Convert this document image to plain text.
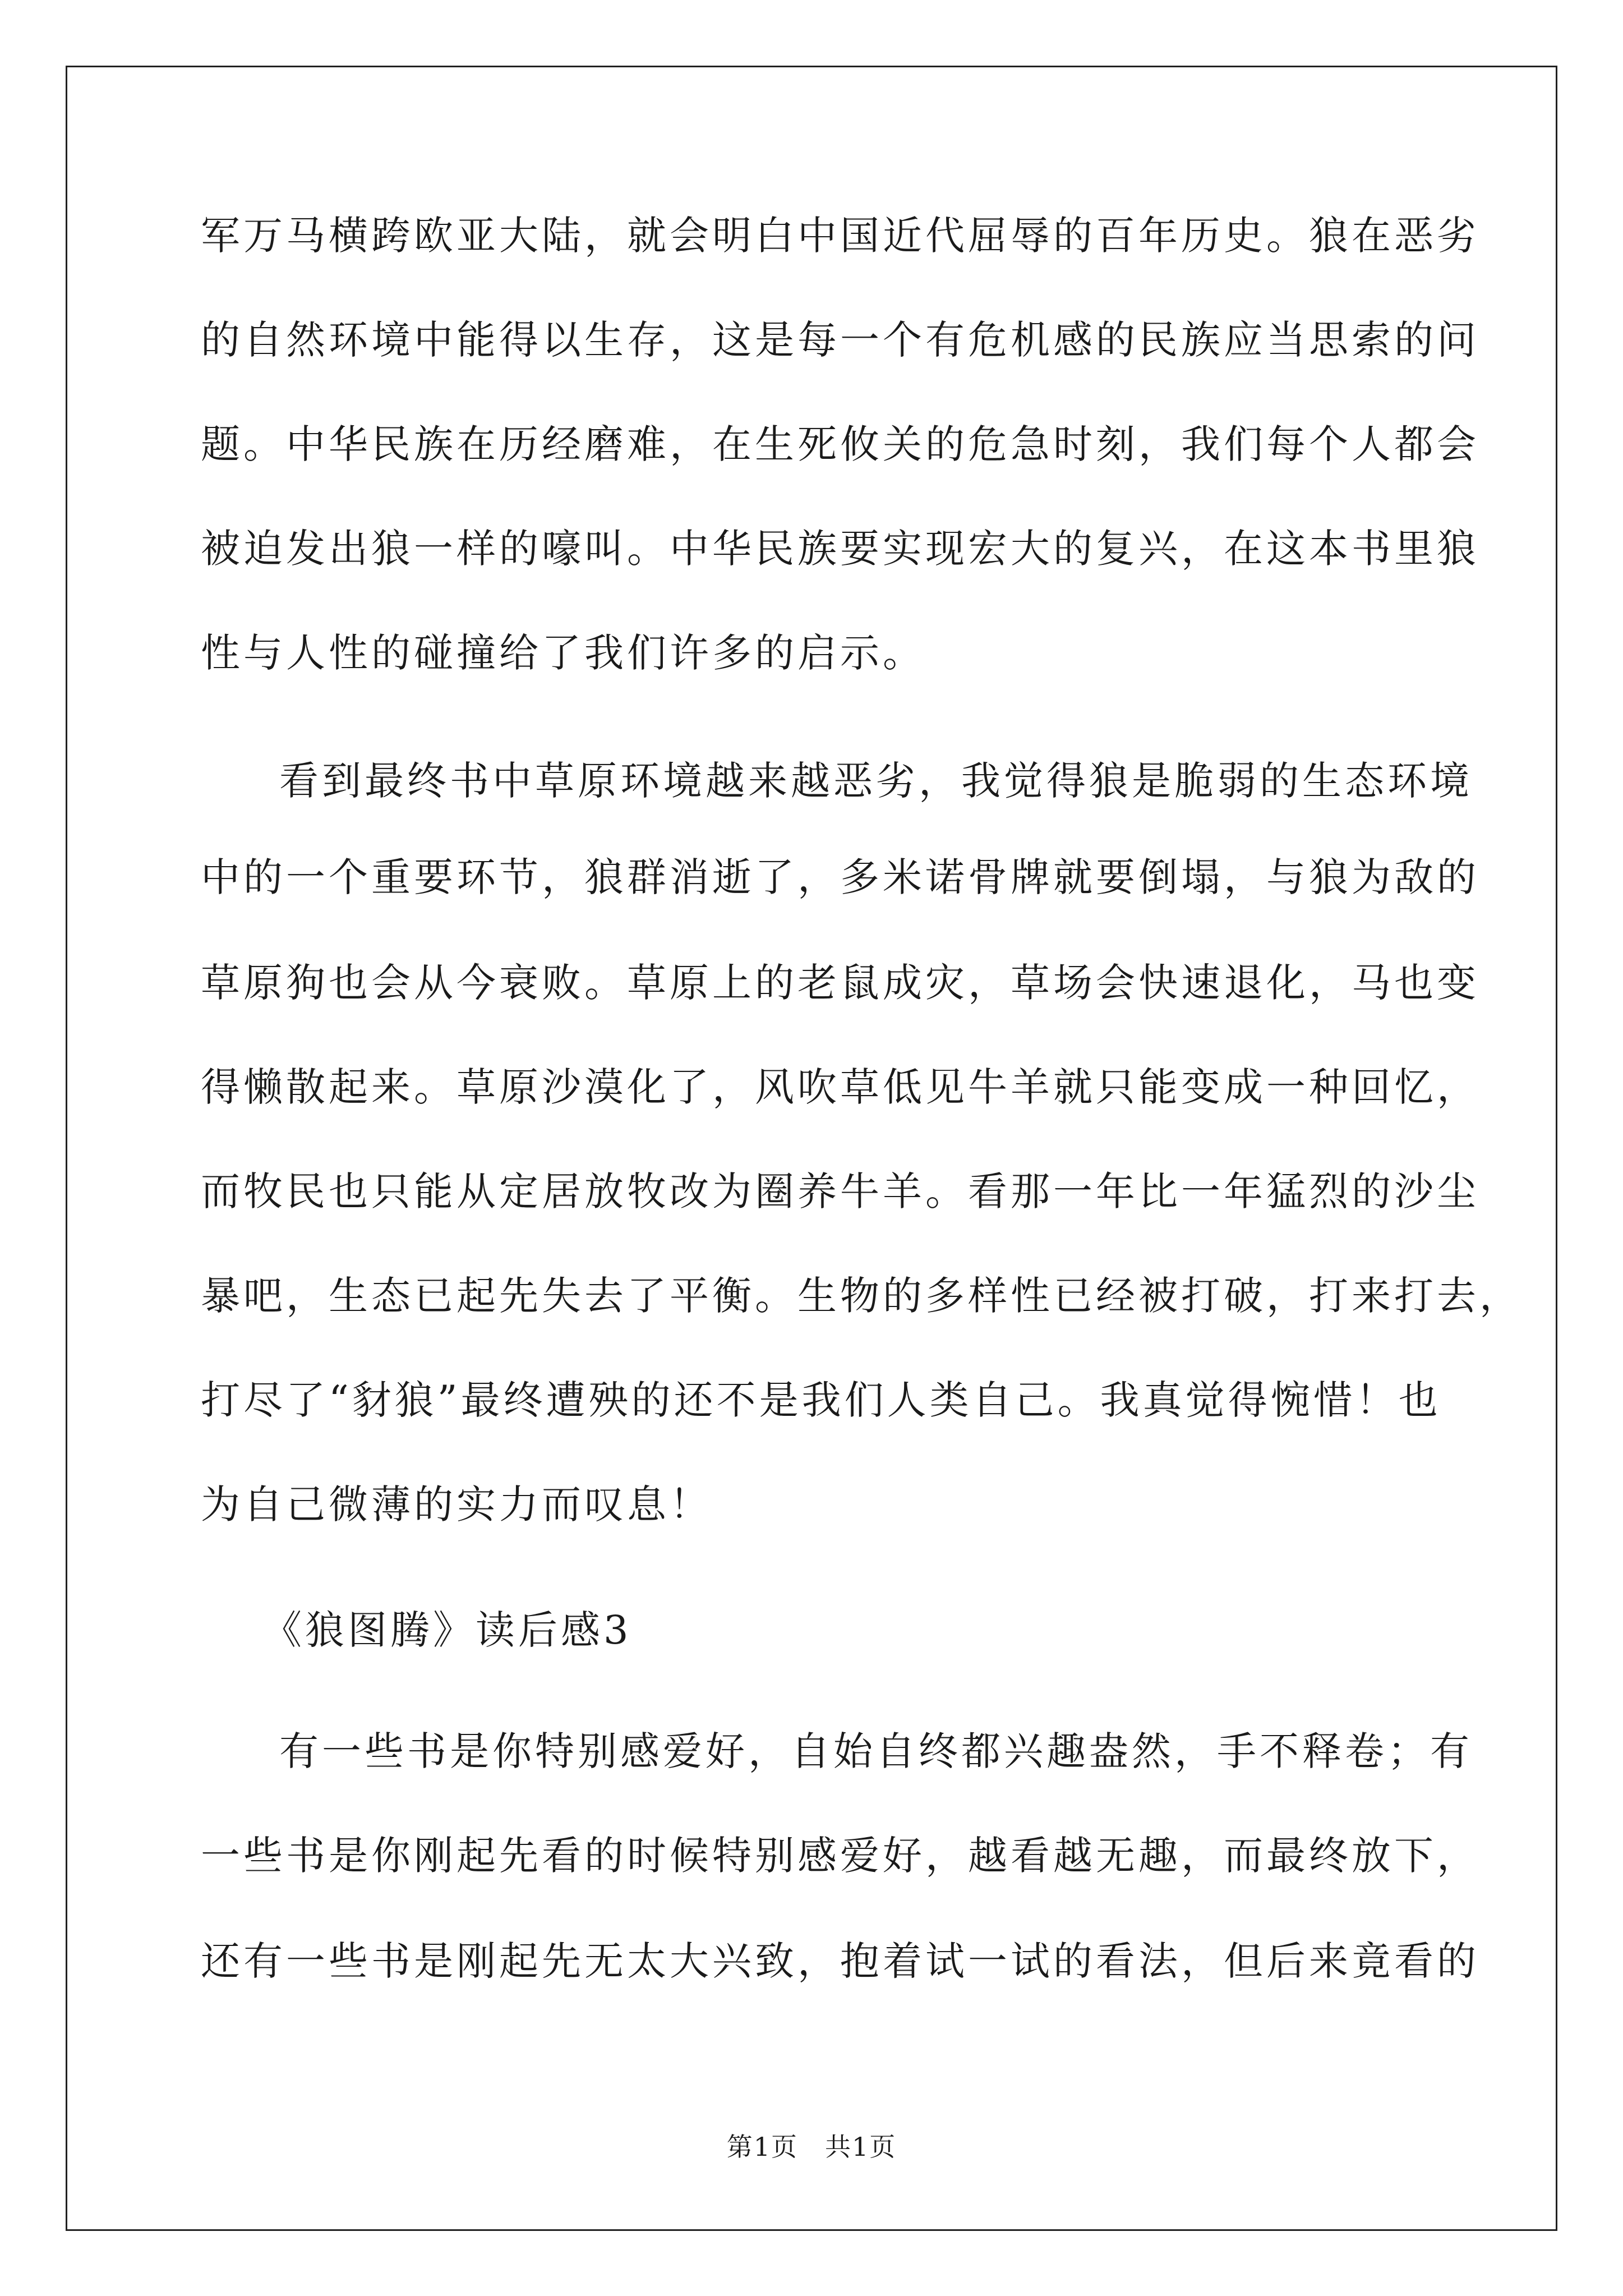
军万马横跨欧亚大陆，就会明白中国近代屈辱的百年历史。狼在恶劣
的自然环境中能得以生存，这是每一个有危机感的民族应当思索的问
题。中华民族在历经磨难，在生死攸关的危急时刻，我们每个人都会
被迫发出狼一样的嚎叫。中华民族要实现宏大的复兴，在这本书里狼
性与人性的碰撞给了我们许多的启示。
看到最终书中草原环境越来越恶劣，我觉得狼是脆弱的生态环境
中的一个重要环节，狼群消逝了，多米诺骨牌就要倒塌，与狼为敌的
草原狗也会从今衰败。草原上的老鼠成灾，草场会快速退化，马也变
得懒散起来。草原沙漠化了，风吹草低见牛羊就只能变成一种回忆，
而牧民也只能从定居放牧改为圈养牛羊。看那一年比一年猛烈的沙尘
暴吧，生态已起先失去了平衡。生物的多样性已经被打破，打来打去，
打尽了“豺狼”最终遭殃的还不是我们人类自己。我真觉得惋惜！也
为自己微薄的实力而叹息！
《狼图腾》读后感3
有一些书是你特别感爱好，自始自终都兴趣盎然，手不释卷；有
一些书是你刚起先看的时候特别感爱好，越看越无趣，而最终放下，
还有一些书是刚起先无太大兴致，抱着试一试的看法，但后来竟看的
第1页　共1页
